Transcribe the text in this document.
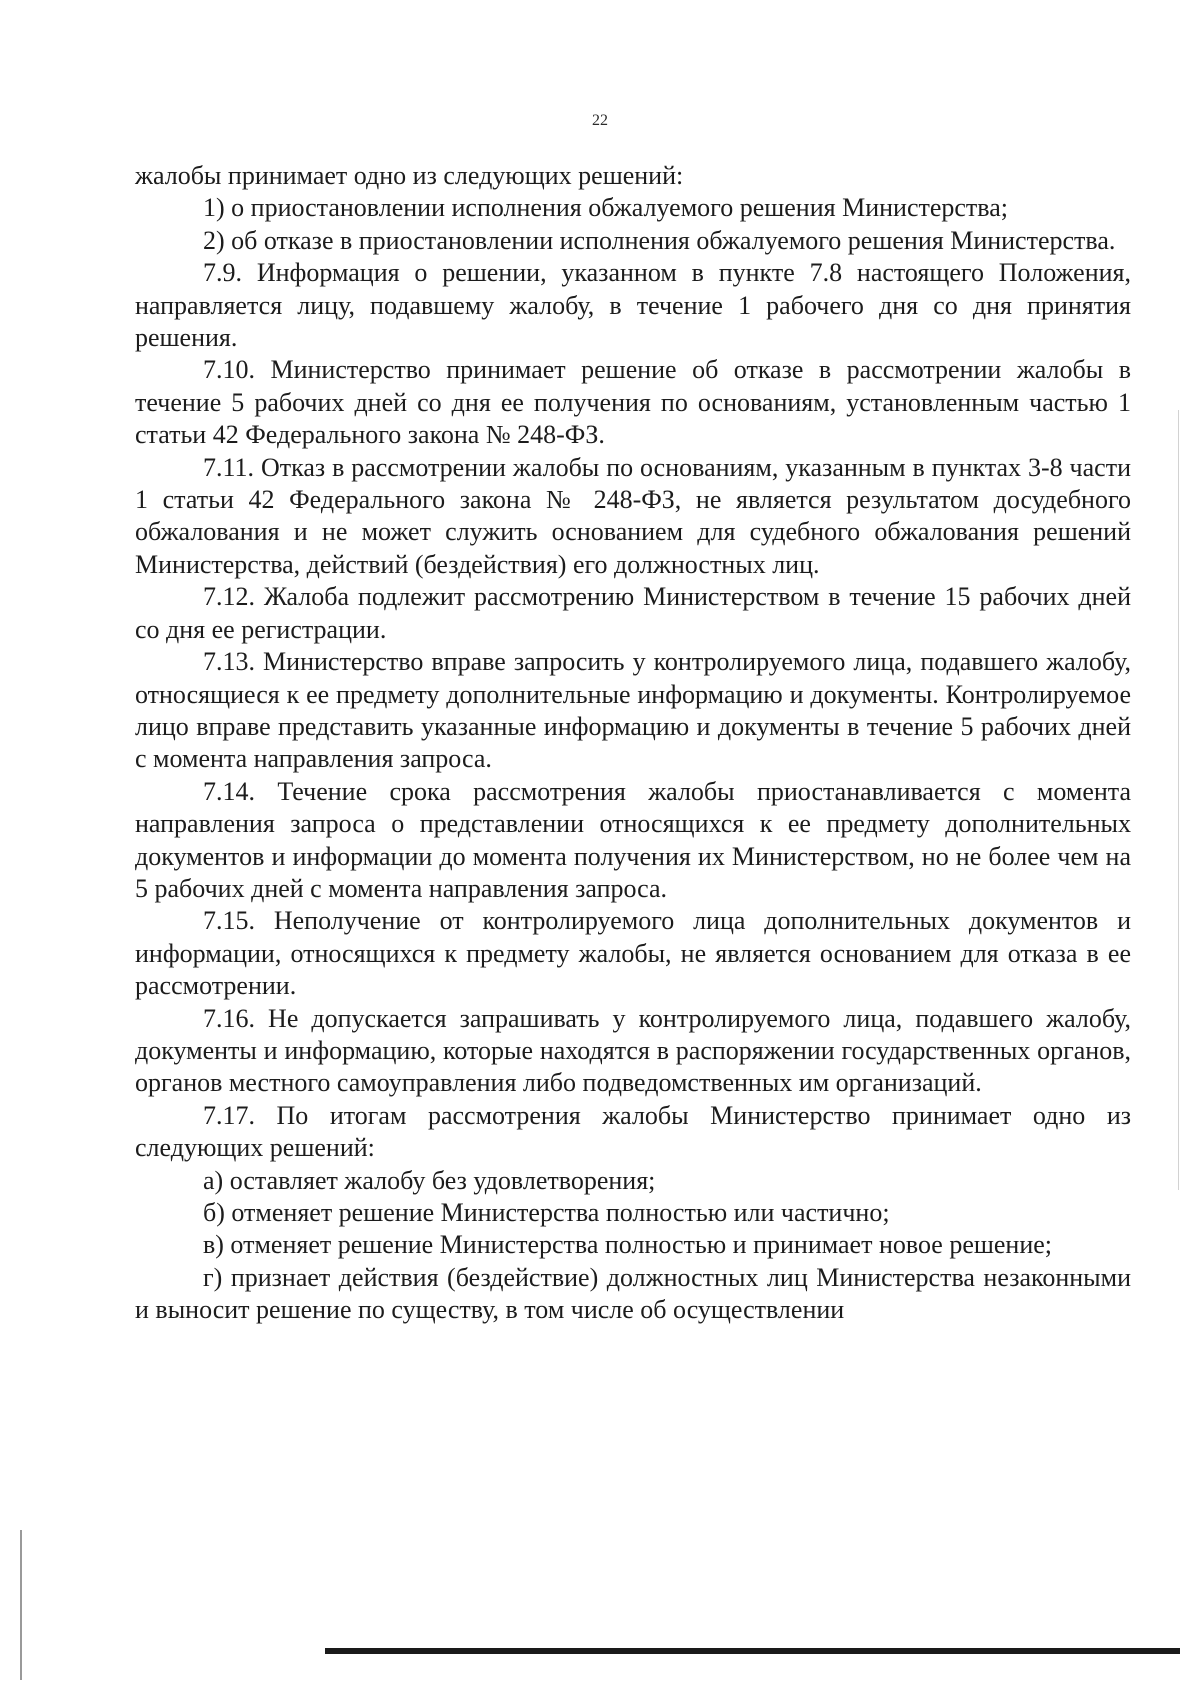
22

жалобы принимает одно из следующих решений:

1) о приостановлении исполнения обжалуемого решения Министерства;

2) об отказе в приостановлении исполнения обжалуемого решения Министерства.

7.9. Информация о решении, указанном в пункте 7.8 настоящего Положения, направляется лицу, подавшему жалобу, в течение 1 рабочего дня со дня принятия решения.

7.10. Министерство принимает решение об отказе в рассмотрении жалобы в течение 5 рабочих дней со дня ее получения по основаниям, установленным частью 1 статьи 42 Федерального закона № 248-ФЗ.

7.11. Отказ в рассмотрении жалобы по основаниям, указанным в пунктах 3-8 части 1 статьи 42 Федерального закона № 248-ФЗ, не является результатом досудебного обжалования и не может служить основанием для судебного обжалования решений Министерства, действий (бездействия) его должностных лиц.

7.12. Жалоба подлежит рассмотрению Министерством в течение 15 рабочих дней со дня ее регистрации.

7.13. Министерство вправе запросить у контролируемого лица, подавшего жалобу, относящиеся к ее предмету дополнительные информацию и документы. Контролируемое лицо вправе представить указанные информацию и документы в течение 5 рабочих дней с момента направления запроса.

7.14. Течение срока рассмотрения жалобы приостанавливается с момента направления запроса о представлении относящихся к ее предмету дополнительных документов и информации до момента получения их Министерством, но не более чем на 5 рабочих дней с момента направления запроса.

7.15. Неполучение от контролируемого лица дополнительных документов и информации, относящихся к предмету жалобы, не является основанием для отказа в ее рассмотрении.

7.16. Не допускается запрашивать у контролируемого лица, подавшего жалобу, документы и информацию, которые находятся в распоряжении государственных органов, органов местного самоуправления либо подведомственных им организаций.

7.17. По итогам рассмотрения жалобы Министерство принимает одно из следующих решений:

а) оставляет жалобу без удовлетворения;

б) отменяет решение Министерства полностью или частично;

в) отменяет решение Министерства полностью и принимает новое решение;

г) признает действия (бездействие) должностных лиц Министерства незаконными и выносит решение по существу, в том числе об осуществлении
